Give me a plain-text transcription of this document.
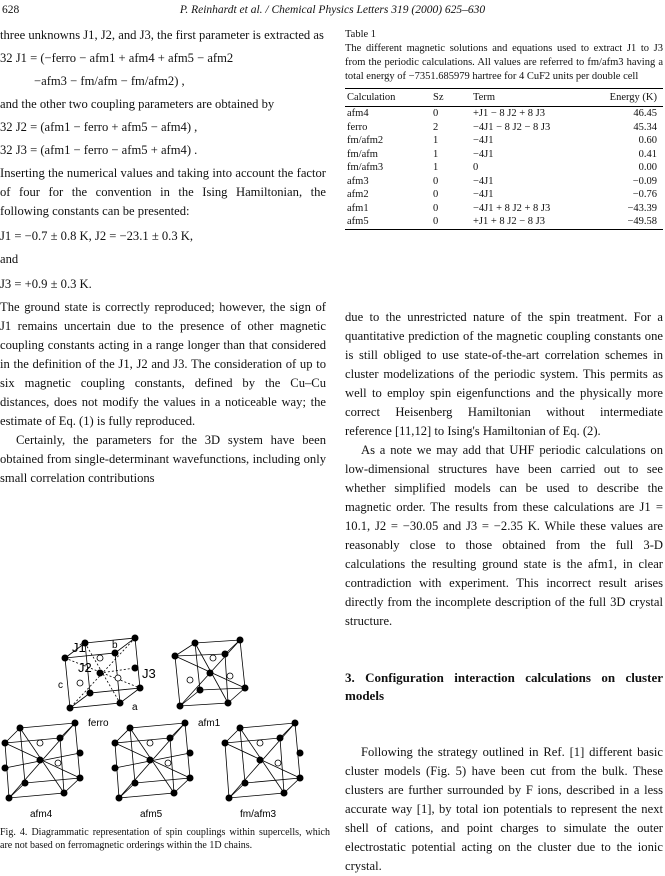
628	P. Reinhardt et al. / Chemical Physics Letters 319 (2000) 625–630

three unknowns J1, J2, and J3, the first parameter is extracted as

32 J1 = (−ferro − afm1 + afm4 + afm5 − afm2

−afm3 − fm/afm − fm/afm2) ,

and the other two coupling parameters are obtained by

32 J2 = (afm1 − ferro + afm5 − afm4) ,

32 J3 = (afm1 − ferro − afm5 + afm4) .

Inserting the numerical values and taking into account the factor of four for the convention in the Ising Hamiltonian, the following constants can be presented:

J1 = −0.7 ± 0.8 K, J2 = −23.1 ± 0.3 K,

and

J3 = +0.9 ± 0.3 K.

The ground state is correctly reproduced; however, the sign of J1 remains uncertain due to the presence of other magnetic coupling constants acting in a range longer than that considered in the definition of the J1, J2 and J3. The consideration of up to six magnetic coupling constants, defined by the Cu–Cu distances, does not modify the values in a noticeable way; the estimate of Eq. (1) is fully reproduced.

Certainly, the parameters for the 3D system have been obtained from single-determinant wavefunctions, including only small correlation contributions

Table 1
The different magnetic solutions and equations used to extract J1 to J3 from the periodic calculations. All values are referred to fm/afm3 having a total energy of −7351.685979 hartree for 4 CuF2 units per double cell
Calculation	Sz	Term	Energy (K)
afm4	0	+J1 − 8 J2 + 8 J3	46.45
ferro	2	−4J1 − 8 J2 − 8 J3	45.34
fm/afm2	1	−4J1	0.60
fm/afm	1	−4J1	0.41
fm/afm3	1	0	0.00
afm3	0	−4J1	−0.09
afm2	0	−4J1	−0.76
afm1	0	−4J1 + 8 J2 + 8 J3	−43.39
afm5	0	+J1 + 8 J2 − 8 J3	−49.58
J1
J2	J3
b
c
a
ferro	afm1
afm4	afm5	fm/afm3
Fig. 4. Diagrammatic representation of spin couplings within supercells, which are not based on ferromagnetic orderings within the 1D chains.

due to the unrestricted nature of the spin treatment. For a quantitative prediction of the magnetic coupling constants one is still obliged to use state-of-the-art correlation schemes in cluster modelizations of the periodic system. This permits as well to employ spin eigenfunctions and the physically more correct Heisenberg Hamiltonian without intermediate reference [11,12] to Ising's Hamiltonian of Eq. (2).

As a note we may add that UHF periodic calculations on low-dimensional structures have been carried out to see whether simplified models can be used to describe the magnetic order. The results from these calculations are J1 = 10.1, J2 = −30.05 and J3 = −2.35 K. While these values are reasonably close to those obtained from the full 3-D calculations the resulting ground state is the afm1, in clear contradiction with experiment. This incorrect result arises directly from the incomplete description of the full 3D crystal structure.

3. Configuration interaction calculations on cluster models

Following the strategy outlined in Ref. [1] different basic cluster models (Fig. 5) have been cut from the bulk. These clusters are further surrounded by F ions, described in a less accurate way [1], by total ion potentials to represent the next shell of cations, and point charges to simulate the outer electrostatic potential acting on the cluster due to the ionic crystal.
